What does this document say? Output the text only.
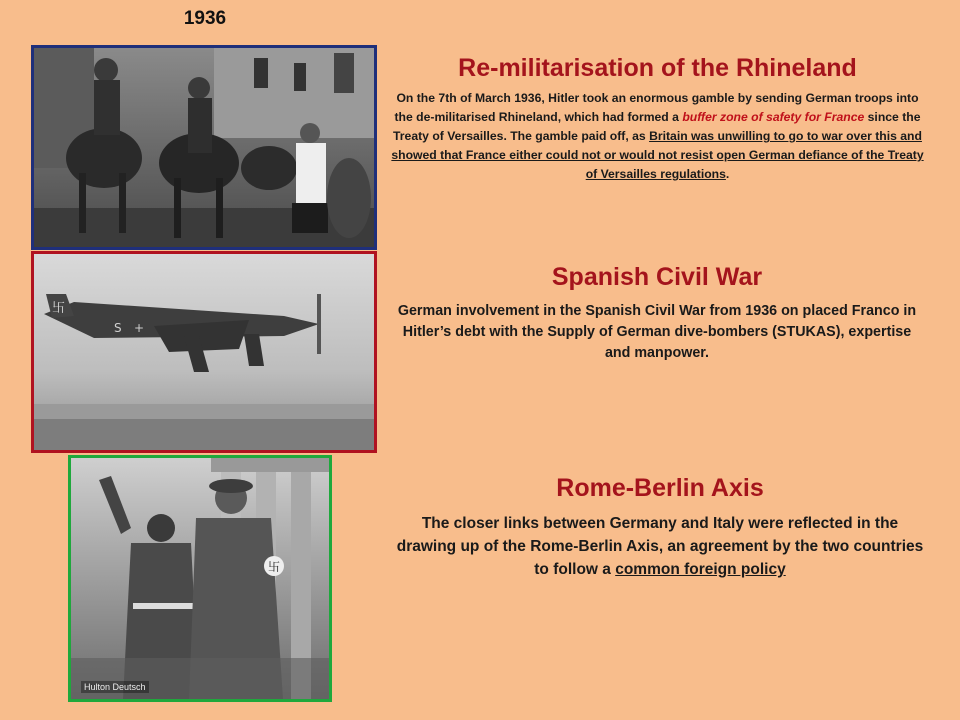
1936
卐
S +
卐
Hulton Deutsch

Re-militarisation of the Rhineland

On the 7th of March 1936, Hitler took an enormous gamble by sending German troops into the de-militarised Rhineland, which had formed a buffer zone of safety for France since the Treaty of Versailles. The gamble paid off, as Britain was unwilling to go to war over this and showed that France either could not or would not resist open German defiance of the Treaty of Versailles regulations.

Spanish Civil War

German involvement in the Spanish Civil War from 1936 on placed Franco in Hitler’s debt with the Supply of German dive-bombers (STUKAS), expertise and manpower.

Rome-Berlin Axis

The closer links between Germany and Italy were reflected in the drawing up of the Rome-Berlin Axis, an agreement by the two countries to follow a common foreign policy
